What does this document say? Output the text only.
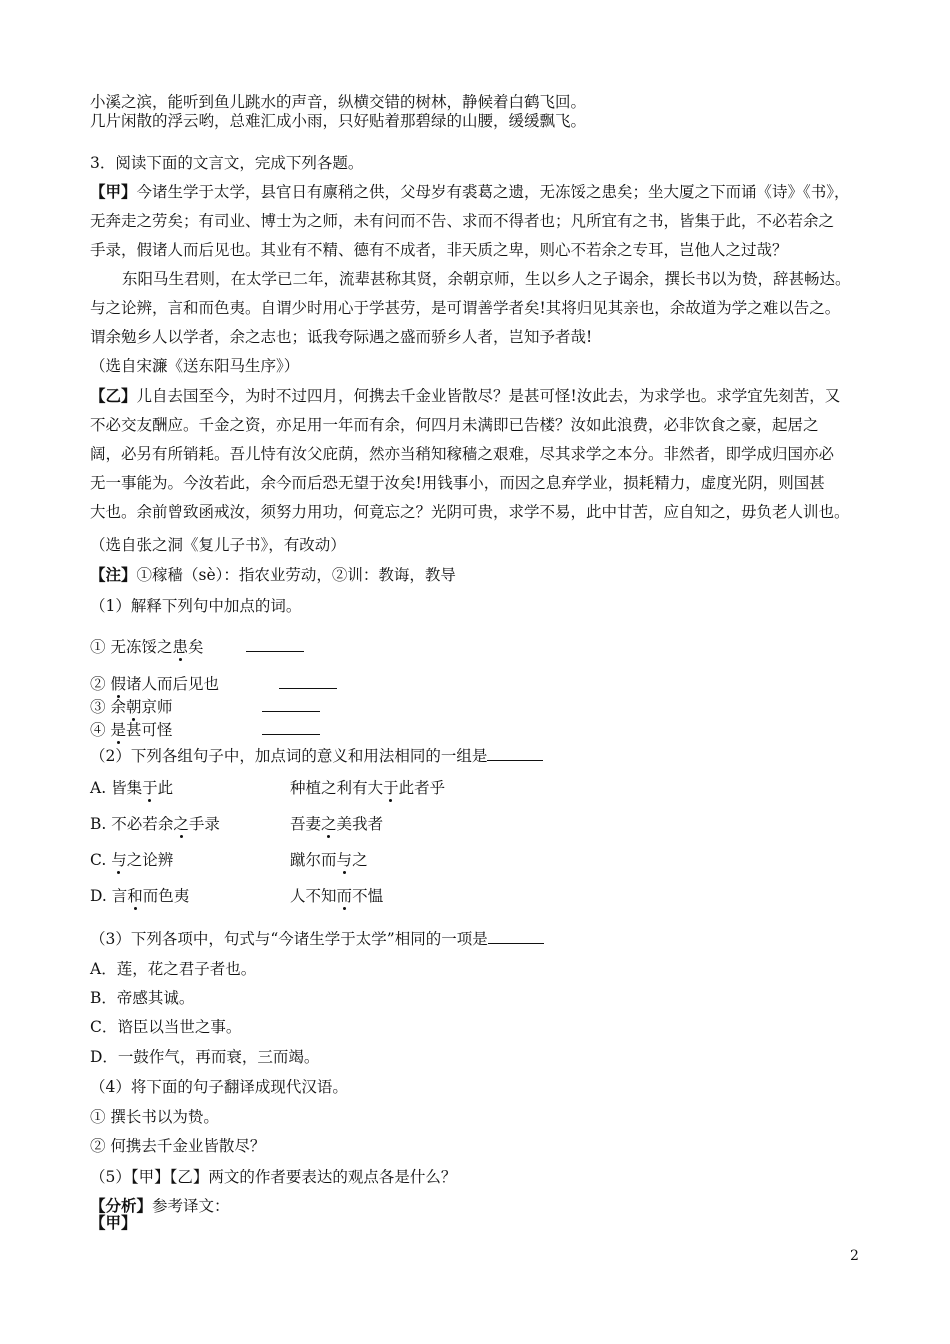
小溪之滨，能听到鱼儿跳水的声音，纵横交错的树林，静候着白鹤飞回。
几片闲散的浮云哟，总难汇成小雨，只好贴着那碧绿的山腰，缓缓飘飞。
3．阅读下面的文言文，完成下列各题。
【甲】今诸生学于太学，县官日有廪稍之供，父母岁有裘葛之遗，无冻馁之患矣；坐大厦之下而诵《诗》《书》，
无奔走之劳矣；有司业、博士为之师，未有问而不告、求而不得者也；凡所宜有之书，皆集于此，不必若余之
手录，假诸人而后见也。其业有不精、德有不成者，非天质之卑，则心不若余之专耳，岂他人之过哉？
东阳马生君则，在太学已二年，流辈甚称其贤，余朝京师，生以乡人之子谒余，撰长书以为贽，辞甚畅达。
与之论辨，言和而色夷。自谓少时用心于学甚劳，是可谓善学者矣!其将归见其亲也，余故道为学之难以告之。
谓余勉乡人以学者，余之志也；诋我夸际遇之盛而骄乡人者，岂知予者哉!
（选自宋濂《送东阳马生序》）
【乙】儿自去国至今，为时不过四月，何携去千金业皆散尽？是甚可怪!汝此去，为求学也。求学宜先刻苦，又
不必交友酬应。千金之资，亦足用一年而有余，何四月未满即已告楼？汝如此浪费，必非饮食之豪，起居之
阔，必另有所销耗。吾儿恃有汝父庇荫，然亦当稍知稼穑之艰难，尽其求学之本分。非然者，即学成归国亦必
无一事能为。今汝若此，余今而后恐无望于汝矣!用钱事小，而因之息弃学业，损耗精力，虚度光阴，则国甚
大也。余前曾致函戒汝，须努力用功，何竟忘之？光阴可贵，求学不易，此中甘苦，应自知之，毋负老人训也。
（选自张之洞《复儿子书》，有改动）
【注】①稼穑（sè）：指农业劳动，②训：教诲，教导
（1）解释下列句中加点的词。
① 无冻馁之患矣
② 假诸人而后见也
③ 余朝京师
④ 是甚可怪
（2）下列各组句子中，加点词的意义和用法相同的一组是
A. 皆集于此	种植之利有大于此者乎
B. 不必若余之手录	吾妻之美我者
C. 与之论辨	蹴尔而与之
D. 言和而色夷	人不知而不愠
（3）下列各项中，句式与“今诸生学于太学”相同的一项是
A．莲，花之君子者也。
B．帝感其诚。
C．谘臣以当世之事。
D．一鼓作气，再而衰，三而竭。
（4）将下面的句子翻译成现代汉语。
① 撰长书以为贽。
② 何携去千金业皆散尽？
（5）【甲】【乙】两文的作者要表达的观点各是什么？
【分析】参考译文：
【甲】
2
